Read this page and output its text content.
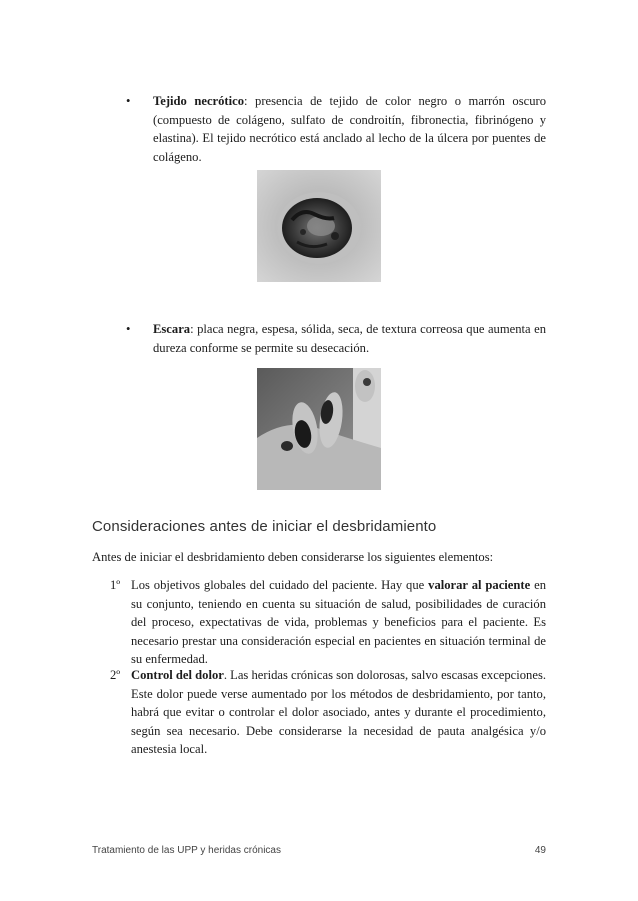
• Tejido necrótico: presencia de tejido de color negro o marrón oscuro (compuesto de colágeno, sulfato de condroitín, fibronectia, fibrinógeno y elastina). El tejido necrótico está anclado al lecho de la úlcera por puentes de colágeno.
• Escara: placa negra, espesa, sólida, seca, de textura correosa que aumenta en dureza conforme se permite su desecación.
Consideraciones antes de iniciar el desbridamiento
Antes de iniciar el desbridamiento deben considerarse los siguientes elementos:
1º Los objetivos globales del cuidado del paciente. Hay que valorar al paciente en su conjunto, teniendo en cuenta su situación de salud, posibilidades de curación del proceso, expectativas de vida, problemas y beneficios para el paciente. Es necesario prestar una consideración especial en pacientes en situación terminal de su enfermedad.
2º Control del dolor. Las heridas crónicas son dolorosas, salvo escasas excepciones. Este dolor puede verse aumentado por los métodos de desbridamiento, por tanto, habrá que evitar o controlar el dolor asociado, antes y durante el procedimiento, según sea necesario. Debe considerarse la necesidad de pauta analgésica y/o anestesia local.
Tratamiento de las UPP y heridas crónicas	49
